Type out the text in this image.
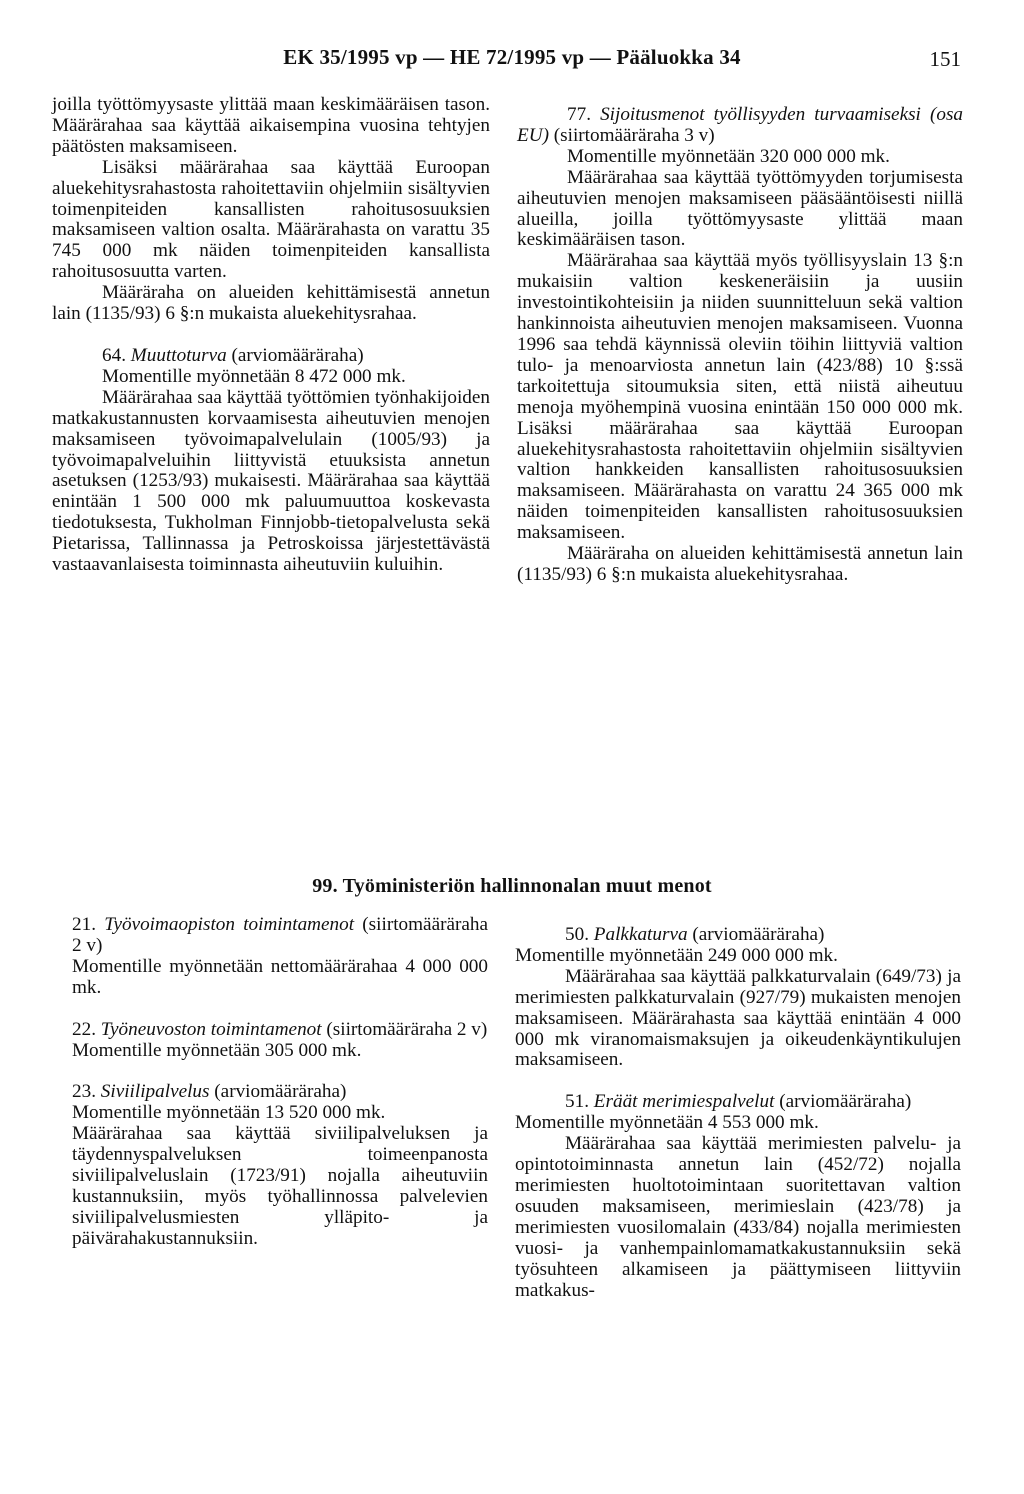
EK 35/1995 vp — HE 72/1995 vp — Pääluokka 34	151

joilla työttömyysaste ylittää maan keskimääräisen tason. Määrärahaa saa käyttää aikaisempina vuosina tehtyjen päätösten maksamiseen.

Lisäksi määrärahaa saa käyttää Euroopan aluekehitysrahastosta rahoitettaviin ohjelmiin sisältyvien toimenpiteiden kansallisten rahoitusosuuksien maksamiseen valtion osalta. Määrärahasta on varattu 35 745 000 mk näiden toimenpiteiden kansallista rahoitusosuutta varten.

Määräraha on alueiden kehittämisestä annetun lain (1135/93) 6 §:n mukaista aluekehitysrahaa.

64. Muuttoturva (arviomääräraha)

Momentille myönnetään 8 472 000 mk.

Määrärahaa saa käyttää työttömien työnhakijoiden matkakustannusten korvaamisesta aiheutuvien menojen maksamiseen työvoimapalvelulain (1005/93) ja työvoimapalveluihin liittyvistä etuuksista annetun asetuksen (1253/93) mukaisesti. Määrärahaa saa käyttää enintään 1 500 000 mk paluumuuttoa koskevasta tiedotuksesta, Tukholman Finnjobb-tietopalvelusta sekä Pietarissa, Tallinnassa ja Petroskoissa järjestettävästä vastaavanlaisesta toiminnasta aiheutuviin kuluihin.

77. Sijoitusmenot työllisyyden turvaamiseksi (osa EU) (siirtomääräraha 3 v)

Momentille myönnetään 320 000 000 mk.

Määrärahaa saa käyttää työttömyyden torjumisesta aiheutuvien menojen maksamiseen pääsääntöisesti niillä alueilla, joilla työttömyysaste ylittää maan keskimääräisen tason.

Määrärahaa saa käyttää myös työllisyyslain 13 §:n mukaisiin valtion keskeneräisiin ja uusiin investointikohteisiin ja niiden suunnitteluun sekä valtion hankinnoista aiheutuvien menojen maksamiseen. Vuonna 1996 saa tehdä käynnissä oleviin töihin liittyviä valtion tulo- ja menoarviosta annetun lain (423/88) 10 §:ssä tarkoitettuja sitoumuksia siten, että niistä aiheutuu menoja myöhempinä vuosina enintään 150 000 000 mk. Lisäksi määrärahaa saa käyttää Euroopan aluekehitysrahastosta rahoitettaviin ohjelmiin sisältyvien valtion hankkeiden kansallisten rahoitusosuuksien maksamiseen. Määrärahasta on varattu 24 365 000 mk näiden toimenpiteiden kansallisten rahoitusosuuksien maksamiseen.

Määräraha on alueiden kehittämisestä annetun lain (1135/93) 6 §:n mukaista aluekehitysrahaa.

99. Työministeriön hallinnonalan muut menot

21. Työvoimaopiston toimintamenot (siirtomääräraha 2 v)

Momentille myönnetään nettomäärärahaa 4 000 000 mk.

22. Työneuvoston toimintamenot (siirtomääräraha 2 v)

Momentille myönnetään 305 000 mk.

23. Siviilipalvelus (arviomääräraha)

Momentille myönnetään 13 520 000 mk.

Määrärahaa saa käyttää siviilipalveluksen ja täydennyspalveluksen toimeenpanosta siviilipalveluslain (1723/91) nojalla aiheutuviin kustannuksiin, myös työhallinnossa palvelevien siviilipalvelusmiesten ylläpito- ja päivärahakustannuksiin.

50. Palkkaturva (arviomääräraha)

Momentille myönnetään 249 000 000 mk.

Määrärahaa saa käyttää palkkaturvalain (649/73) ja merimiesten palkkaturvalain (927/79) mukaisten menojen maksamiseen. Määrärahasta saa käyttää enintään 4 000 000 mk viranomaismaksujen ja oikeudenkäyntikulujen maksamiseen.

51. Eräät merimiespalvelut (arviomääräraha)

Momentille myönnetään 4 553 000 mk.

Määrärahaa saa käyttää merimiesten palvelu- ja opintotoiminnasta annetun lain (452/72) nojalla merimiesten huoltotoimintaan suoritettavan valtion osuuden maksamiseen, merimieslain (423/78) ja merimiesten vuosilomalain (433/84) nojalla merimiesten vuosi- ja vanhempainlomamatkakustannuksiin sekä työsuhteen alkamiseen ja päättymiseen liittyviin matkakus-
